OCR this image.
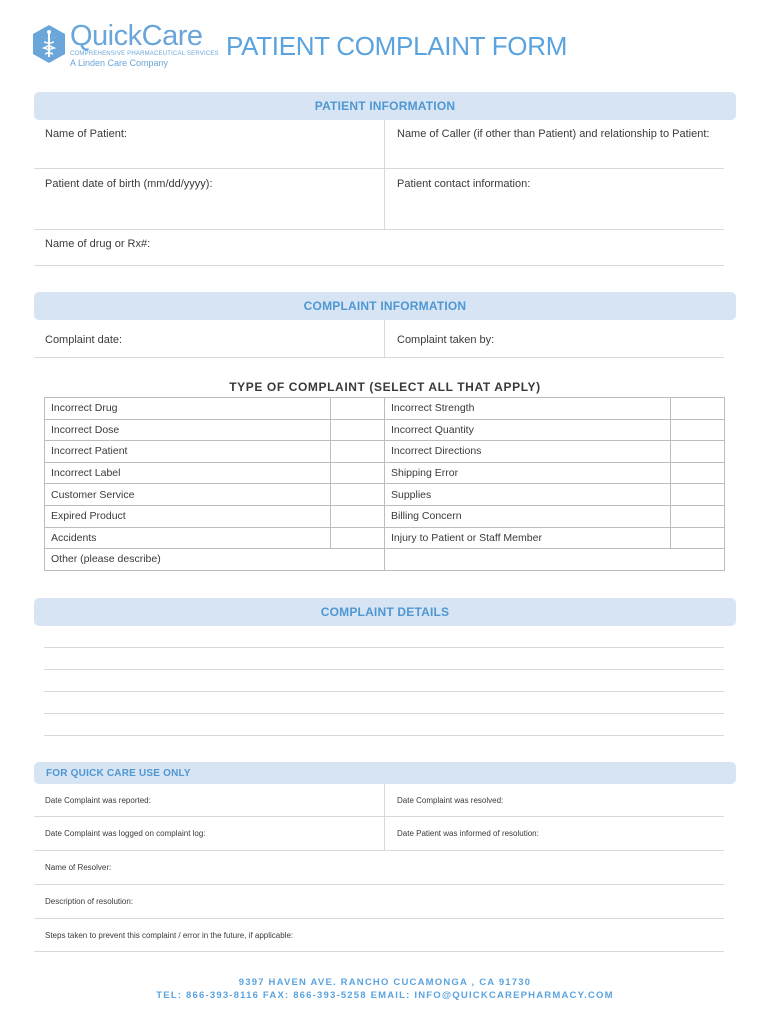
QuickCare
COMPREHENSIVE PHARMACEUTICAL SERVICES
A Linden Care Company
PATIENT COMPLAINT FORM
PATIENT INFORMATION
Name of Patient:	Name of Caller (if other than Patient) and relationship to Patient:
Patient date of birth (mm/dd/yyyy):	Patient contact information:
Name of drug or Rx#:
COMPLAINT INFORMATION
Complaint date:	Complaint taken by:
TYPE OF COMPLAINT (SELECT ALL THAT APPLY)
Incorrect Drug		Incorrect Strength	
Incorrect Dose		Incorrect Quantity	
Incorrect Patient		Incorrect Directions	
Incorrect Label		Shipping Error	
Customer Service		Supplies	
Expired Product		Billing Concern	
Accidents		Injury to Patient or Staff Member	
Other (please describe)			
COMPLAINT DETAILS
FOR QUICK CARE USE ONLY
Date Complaint was reported:	Date Complaint was resolved:
Date Complaint was logged on complaint log:	Date Patient was informed of resolution:
Name of Resolver:
Description of resolution:
Steps taken to prevent this complaint / error in the future, if applicable:
9397 HAVEN AVE. RANCHO CUCAMONGA , CA 91730
TEL: 866-393-8116 FAX: 866-393-5258 EMAIL: INFO@QUICKCAREPHARMACY.COM
